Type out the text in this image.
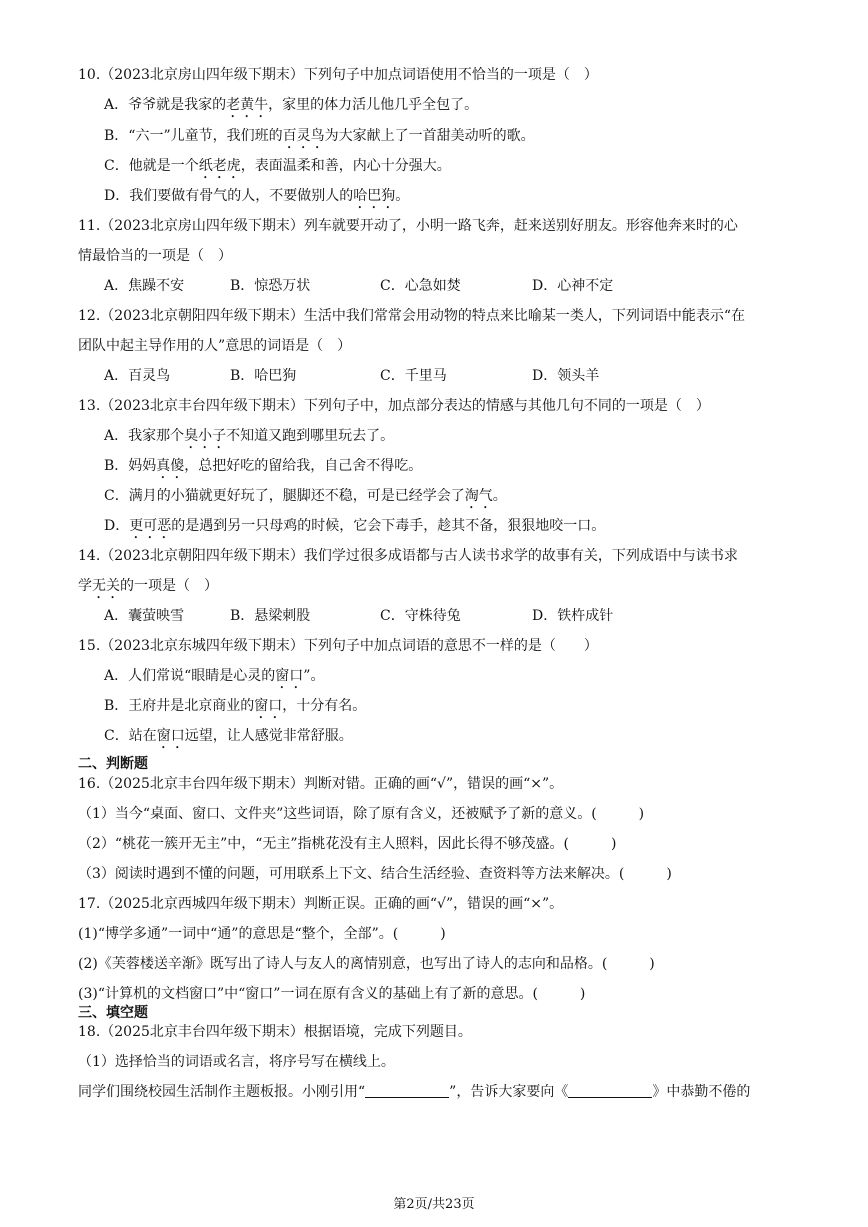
10.（2023北京房山四年级下期末）下列句子中加点词语使用不恰当的一项是（　）
A．爷爷就是我家的老黄牛，家里的体力活儿他几乎全包了。
B．“六一”儿童节，我们班的百灵鸟为大家献上了一首甜美动听的歌。
C．他就是一个纸老虎，表面温柔和善，内心十分强大。
D．我们要做有骨气的人，不要做别人的哈巴狗。
11.（2023北京房山四年级下期末）列车就要开动了，小明一路飞奔，赶来送别好朋友。形容他奔来时的心
情最恰当的一项是（　）
A．焦躁不安	B．惊恐万状	C．心急如焚	D．心神不定
12.（2023北京朝阳四年级下期末）生活中我们常常会用动物的特点来比喻某一类人，下列词语中能表示“在
团队中起主导作用的人”意思的词语是（　）
A．百灵鸟	B．哈巴狗	C．千里马	D．领头羊
13.（2023北京丰台四年级下期末）下列句子中，加点部分表达的情感与其他几句不同的一项是（　）
A．我家那个臭小子不知道又跑到哪里玩去了。
B．妈妈真傻，总把好吃的留给我，自己舍不得吃。
C．满月的小猫就更好玩了，腿脚还不稳，可是已经学会了淘气。
D．更可恶的是遇到另一只母鸡的时候，它会下毒手，趁其不备，狠狠地咬一口。
14.（2023北京朝阳四年级下期末）我们学过很多成语都与古人读书求学的故事有关，下列成语中与读书求
学无关的一项是（　）
A．囊萤映雪	B．悬梁刺股	C．守株待兔	D．铁杵成针
15.（2023北京东城四年级下期末）下列句子中加点词语的意思不一样的是（　　）
A．人们常说“眼睛是心灵的窗口”。
B．王府井是北京商业的窗口，十分有名。
C．站在窗口远望，让人感觉非常舒服。
二、判断题
16.（2025北京丰台四年级下期末）判断对错。正确的画“√”，错误的画“×”。
（1）当今“桌面、窗口、文件夹”这些词语，除了原有含义，还被赋予了新的意义。(　　　)
（2）“桃花一簇开无主”中，“无主”指桃花没有主人照料，因此长得不够茂盛。(　　　)
（3）阅读时遇到不懂的问题，可用联系上下文、结合生活经验、查资料等方法来解决。(　　　)
17.（2025北京西城四年级下期末）判断正误。正确的画“√”，错误的画“×”。
(1)“博学多通”一词中“通”的意思是“整个，全部”。(　　　)
(2)《芙蓉楼送辛渐》既写出了诗人与友人的离情别意，也写出了诗人的志向和品格。(　　　)
(3)“计算机的文档窗口”中“窗口”一词在原有含义的基础上有了新的意思。(　　　)
三、填空题
18.（2025北京丰台四年级下期末）根据语境，完成下列题目。
（1）选择恰当的词语或名言，将序号写在横线上。
同学们围绕校园生活制作主题板报。小刚引用“	”，告诉大家要向《	》中恭勤不倦的
第2页/共23页
